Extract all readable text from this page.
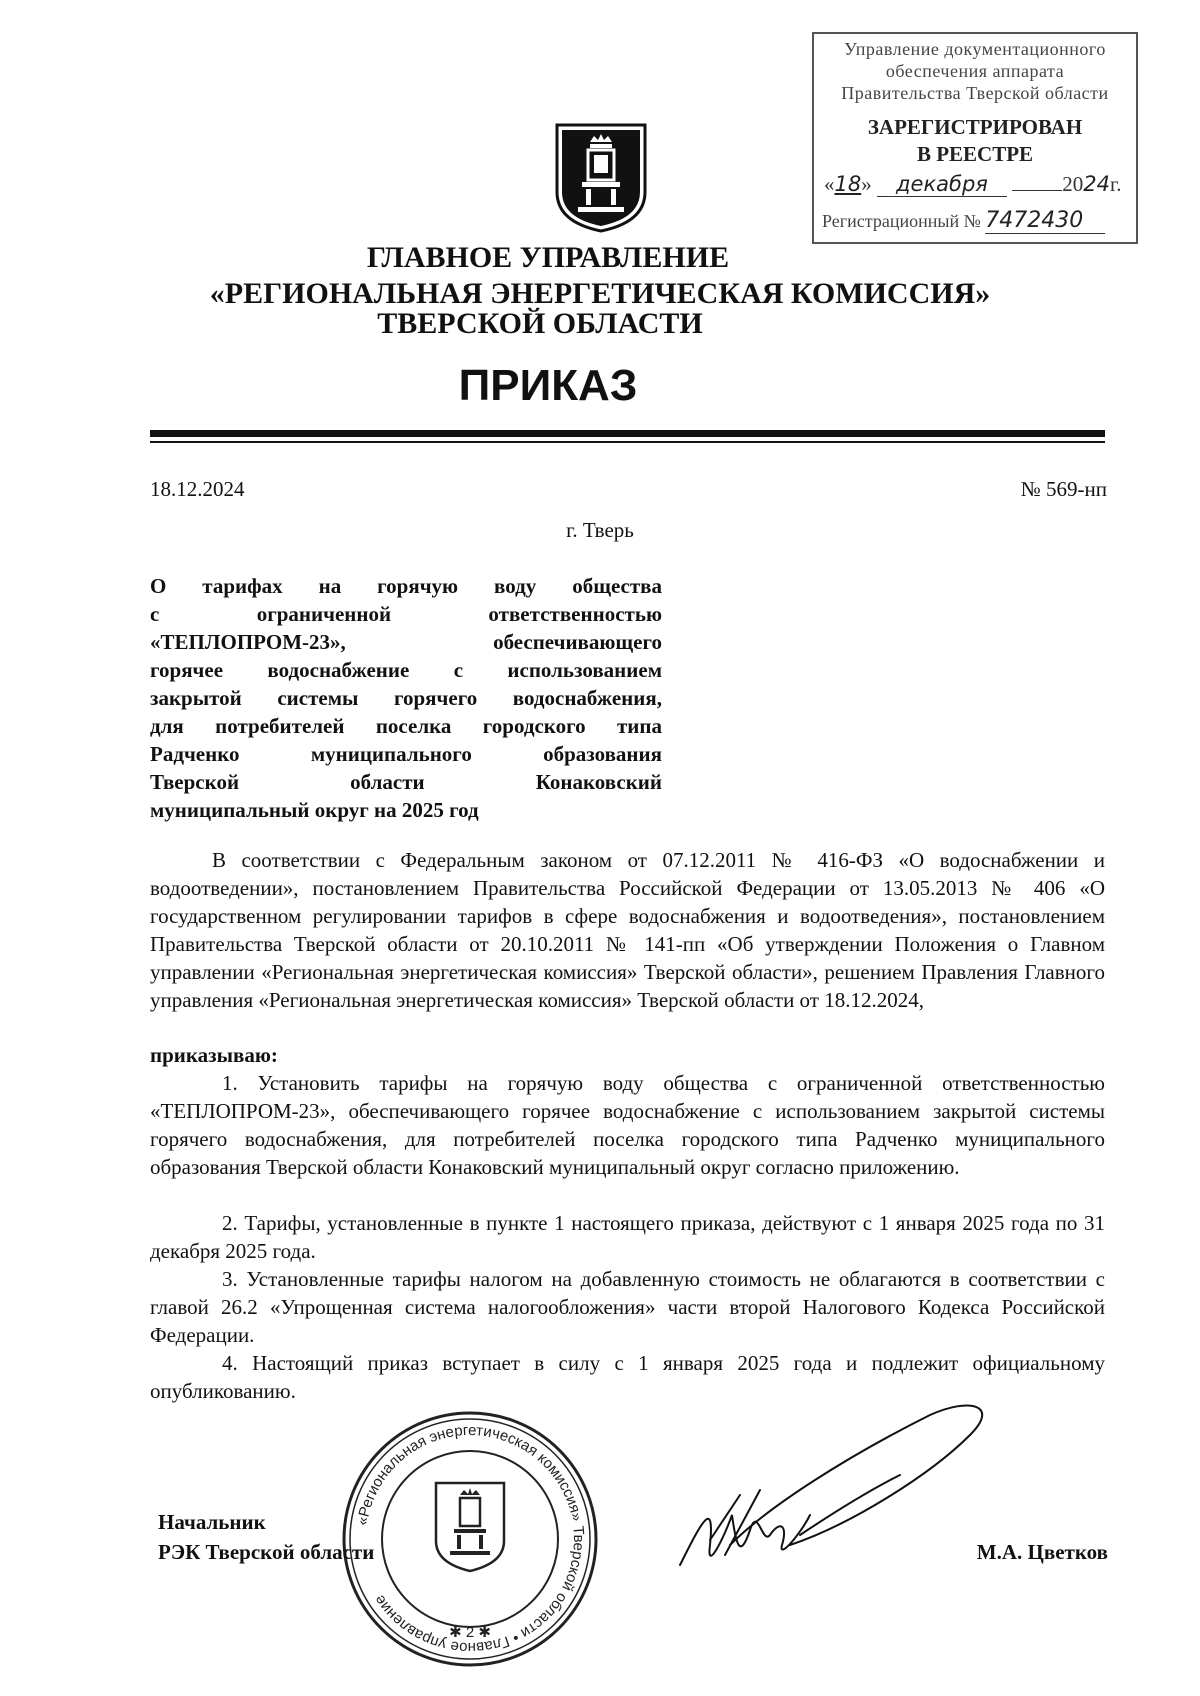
Управление документационного
обеспечения аппарата
Правительства Тверской области
ЗАРЕГИСТРИРОВАН
В РЕЕСТРЕ
«18» декабря	2024г.
Регистрационный № 7472430
ГЛАВНОЕ УПРАВЛЕНИЕ
«РЕГИОНАЛЬНАЯ ЭНЕРГЕТИЧЕСКАЯ КОМИССИЯ»
ТВЕРСКОЙ ОБЛАСТИ
ПРИКАЗ
18.12.2024	№ 569-нп
г. Тверь
О тарифах на горячую воду общества
с ограниченной ответственностью
«ТЕПЛОПРОМ-23», обеспечивающего
горячее водоснабжение с использованием
закрытой системы горячего водоснабжения,
для потребителей поселка городского типа
Радченко муниципального образования
Тверской области Конаковский
муниципальный округ на 2025 год
В соответствии с Федеральным законом от 07.12.2011 № 416-ФЗ «О водоснабжении и водоотведении», постановлением Правительства Российской Федерации от 13.05.2013 № 406 «О государственном регулировании тарифов в сфере водоснабжения и водоотведения», постановлением Правительства Тверской области от 20.10.2011 № 141-пп «Об утверждении Положения о Главном управлении «Региональная энергетическая комиссия» Тверской области», решением Правления Главного управления «Региональная энергетическая комиссия» Тверской области от 18.12.2024,
приказываю:
1. Установить тарифы на горячую воду общества с ограниченной ответственностью «ТЕПЛОПРОМ-23», обеспечивающего горячее водоснабжение с использованием закрытой системы горячего водоснабжения, для потребителей поселка городского типа Радченко муниципального образования Тверской области Конаковский муниципальный округ согласно приложению.
2. Тарифы, установленные в пункте 1 настоящего приказа, действуют с 1 января 2025 года по 31 декабря 2025 года.
3. Установленные тарифы налогом на добавленную стоимость не облагаются в соответствии с главой 26.2 «Упрощенная система налогообложения» части второй Налогового Кодекса Российской Федерации.
4. Настоящий приказ вступает в силу с 1 января 2025 года и подлежит официальному опубликованию.
«Региональная энергетическая комиссия» Тверской области • Главное управление
✱ 2 ✱
Начальник
РЭК Тверской области	М.А. Цветков
